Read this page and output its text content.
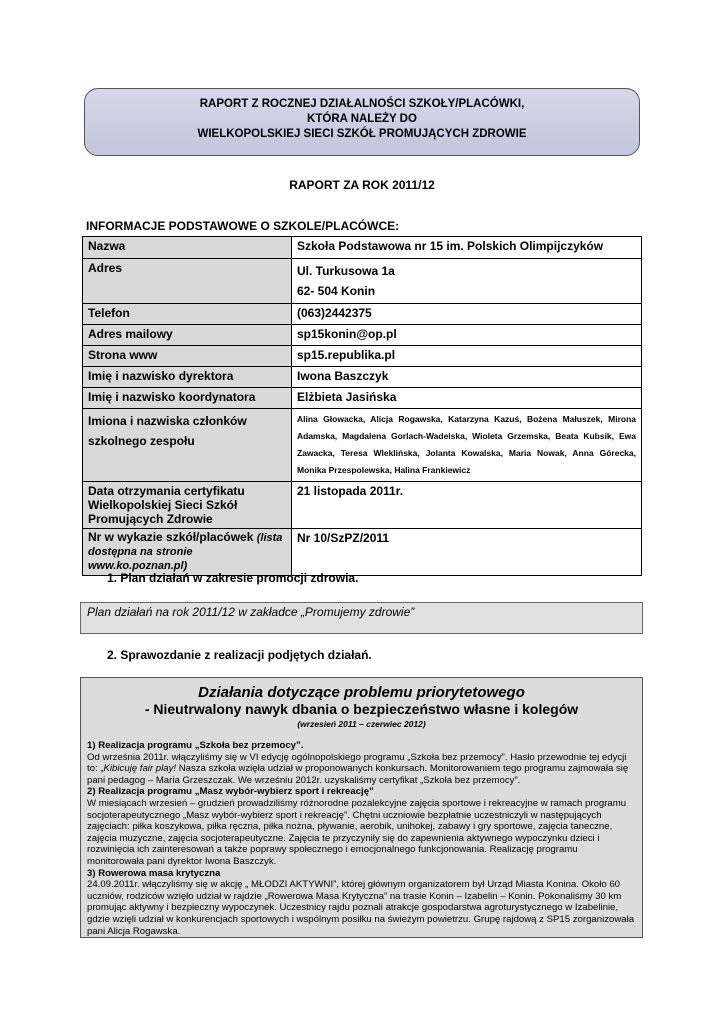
RAPORT Z ROCZNEJ DZIAŁALNOŚCI SZKOŁY/PLACÓWKI,
KTÓRA NALEŻY DO
WIELKOPOLSKIEJ SIECI SZKÓŁ PROMUJĄCYCH ZDROWIE
RAPORT ZA ROK 2011/12
INFORMACJE PODSTAWOWE O SZKOLE/PLACÓWCE:
Nazwa	Szkoła Podstawowa nr 15 im. Polskich Olimpijczyków
Adres	Ul. Turkusowa 1a
62- 504 Konin

Telefon	(063)2442375
Adres mailowy	sp15konin@op.pl
Strona www	sp15.republika.pl
Imię i nazwisko dyrektora	Iwona Baszczyk
Imię i nazwisko koordynatora	Elżbieta Jasińska

Imiona i nazwiska członków
szkolnego zespołu	Alina Głowacka, Alicja Rogawska, Katarzyna Kazuś, Bożena Małuszek, Mirona Adamska, Magdalena Gorlach-Wadelska, Wioleta Grzemska, Beata Kubsik, Ewa Zawacka, Teresa Wleklińska, Jolanta Kowalska, Maria Nowak, Anna Górecka, Monika Przespolewska, Halina Frankiewicz
Data otrzymania certyfikatu Wielkopolskiej Sieci Szkół Promujących Zdrowie	21 listopada 2011r.
Nr w wykazie szkół/placówek (lista dostępna na stronie www.ko.poznan.pl)	Nr 10/SzPZ/2011
1. Plan działań w zakresie promocji zdrowia.
Plan działań na rok 2011/12 w zakładce „Promujemy zdrowie”
2. Sprawozdanie z realizacji podjętych działań.
Działania dotyczące problemu priorytetowego
- Nieutrwalony nawyk dbania o bezpieczeństwo własne i kolegów
(wrzesień 2011 – czerwiec 2012)
1) Realizacja programu „Szkoła bez przemocy”.
Od września 2011r. włączyliśmy się w VI edycję ogólnopolskiego programu „Szkoła bez przemocy”. Hasło przewodnie tej edycji to: „Kibicuję fair play! Nasza szkoła wzięła udział w proponowanych konkursach. Monitorowaniem tego programu zajmowała się pani pedagog – Maria Grzeszczak. We wrześniu 2012r. uzyskaliśmy certyfikat „Szkoła bez przemocy”.
2) Realizacja programu „Masz wybór-wybierz sport i rekreację”
W miesiącach wrzesień – grudzień prowadziliśmy różnorodne pozalekcyjne zajęcia sportowe i rekreacyjne w ramach programu socjoterapeutycznego „Masz wybór-wybierz sport i rekreację”. Chętni uczniowie bezpłatnie uczestniczyli w następujących zajęciach: piłka koszykowa, piłka ręczna, piłka nożna, pływanie, aerobik, unihokej, zabawy i gry sportowe, zajęcia taneczne, zajęcia muzyczne, zajęcia socjoterapeutyczne. Zajęcia te przyczyniły się do zapewnienia aktywnego wypoczynku dzieci i rozwinięcia ich zainteresowań a także poprawy społecznego i emocjonalnego funkcjonowania. Realizację programu monitorowała pani dyrektor Iwona Baszczyk.
3) Rowerowa masa krytyczna
24.09.2011r. włączyliśmy się w akcję „ MŁODZI AKTYWNI”, której głównym organizatorem był Urząd Miasta Konina. Około 60 uczniów, rodziców wzięło udział w rajdzie „Rowerowa Masa Krytyczna” na trasie Konin – Izabelin – Konin. Pokonaliśmy 30 km promując aktywny i bezpieczny wypoczynek. Uczestnicy rajdu poznali atrakcje gospodarstwa agroturystycznego w Izabelinie, gdzie wzięli udział w konkurencjach sportowych i wspólnym posiłku na świeżym powietrzu. Grupę rajdową z SP15 zorganizowała pani Alicja Rogawska.
